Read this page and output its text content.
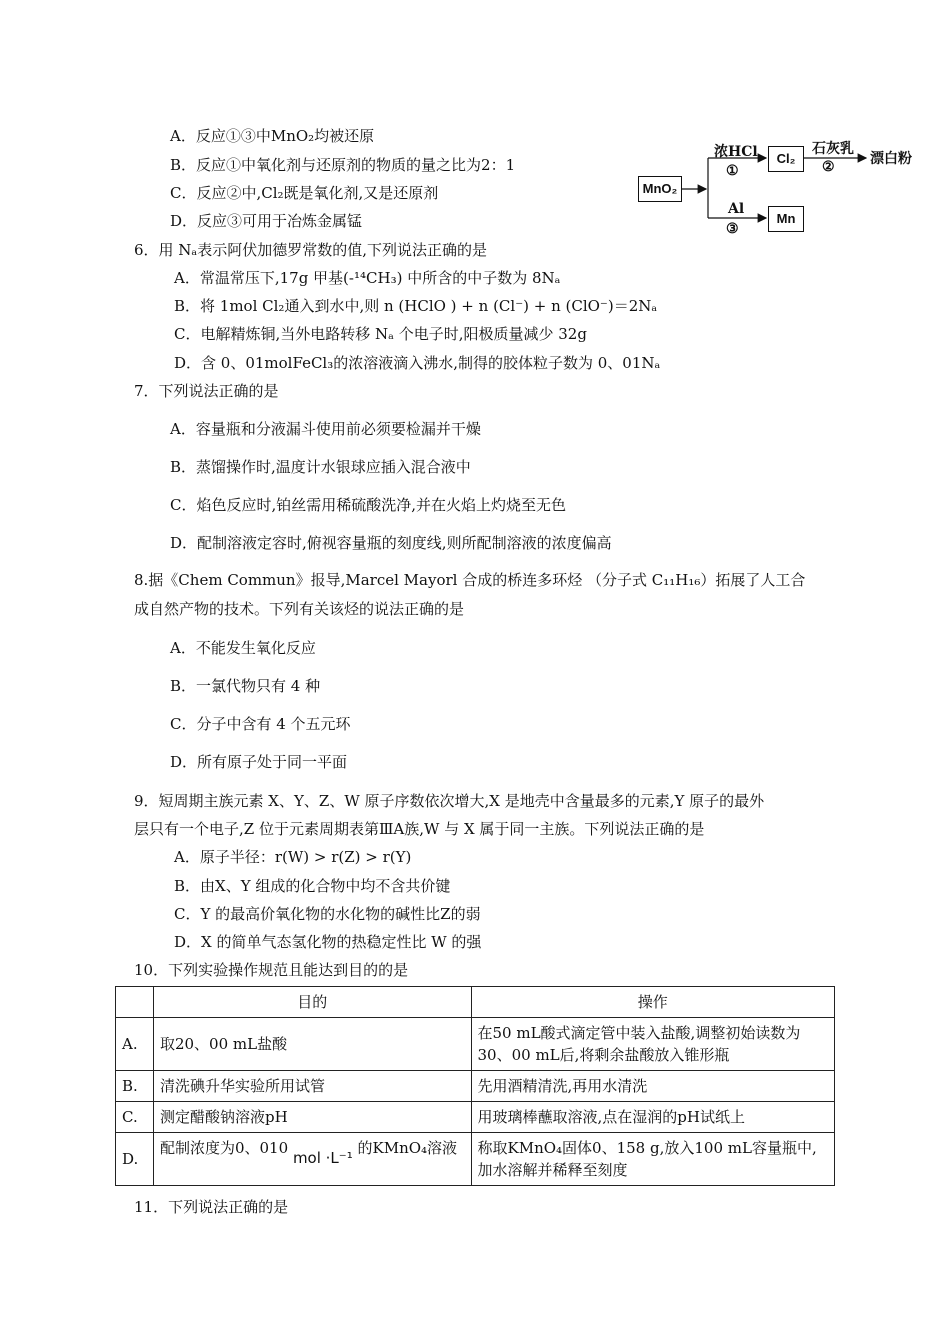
A．反应①③中MnO₂均被还原
B．反应①中氧化剂与还原剂的物质的量之比为2：1
C．反应②中,Cl₂既是氧化剂,又是还原剂
D．反应③可用于冶炼金属锰
MnO₂
浓HCl
①
Cl₂
石灰乳
②	漂白粉
Al
③
Mn
6．用 Nₐ表示阿伏加德罗常数的值,下列说法正确的是
A．常温常压下,17g 甲基(-¹⁴CH₃) 中所含的中子数为 8Nₐ
B．将 1mol Cl₂通入到水中,则 n (HClO ) + n (Cl⁻) + n (ClO⁻)＝2Nₐ
C．电解精炼铜,当外电路转移 Nₐ 个电子时,阳极质量减少 32g
D．含 0、01molFeCl₃的浓溶液滴入沸水,制得的胶体粒子数为 0、01Nₐ
7．下列说法正确的是
A．容量瓶和分液漏斗使用前必须要检漏并干燥
B．蒸馏操作时,温度计水银球应插入混合液中
C．焰色反应时,铂丝需用稀硫酸洗净,并在火焰上灼烧至无色
D．配制溶液定容时,俯视容量瓶的刻度线,则所配制溶液的浓度偏高
8.据《Chem Commun》报导,Marcel Mayorl 合成的桥连多环烃 （分子式 C₁₁H₁₆）拓展了人工合
成自然产物的技术。下列有关该烃的说法正确的是
A．不能发生氧化反应
B．一氯代物只有 4 种
C．分子中含有 4 个五元环
D．所有原子处于同一平面
9．短周期主族元素 X、Y、Z、W 原子序数依次增大,X 是地壳中含量最多的元素,Y 原子的最外
层只有一个电子,Z 位于元素周期表第ⅢA族,W 与 X 属于同一主族。下列说法正确的是
A．原子半径：r(W) > r(Z) > r(Y)
B．由X、Y 组成的化合物中均不含共价键
C．Y 的最高价氧化物的水化物的碱性比Z的弱
D．X 的简单气态氢化物的热稳定性比 W 的强
10．下列实验操作规范且能达到目的的是
	目的	操作
A.	取20、00 mL盐酸	在50 mL酸式滴定管中装入盐酸,调整初始读数为30、00 mL后,将剩余盐酸放入锥形瓶
B.	清洗碘升华实验所用试管	先用酒精清洗,再用水清洗
C.	测定醋酸钠溶液pH	用玻璃棒蘸取溶液,点在湿润的pH试纸上
D.	配制浓度为0、010 mol ·L⁻¹ 的KMnO₄溶液	称取KMnO₄固体0、158 g,放入100 mL容量瓶中,加水溶解并稀释至刻度
11．下列说法正确的是
